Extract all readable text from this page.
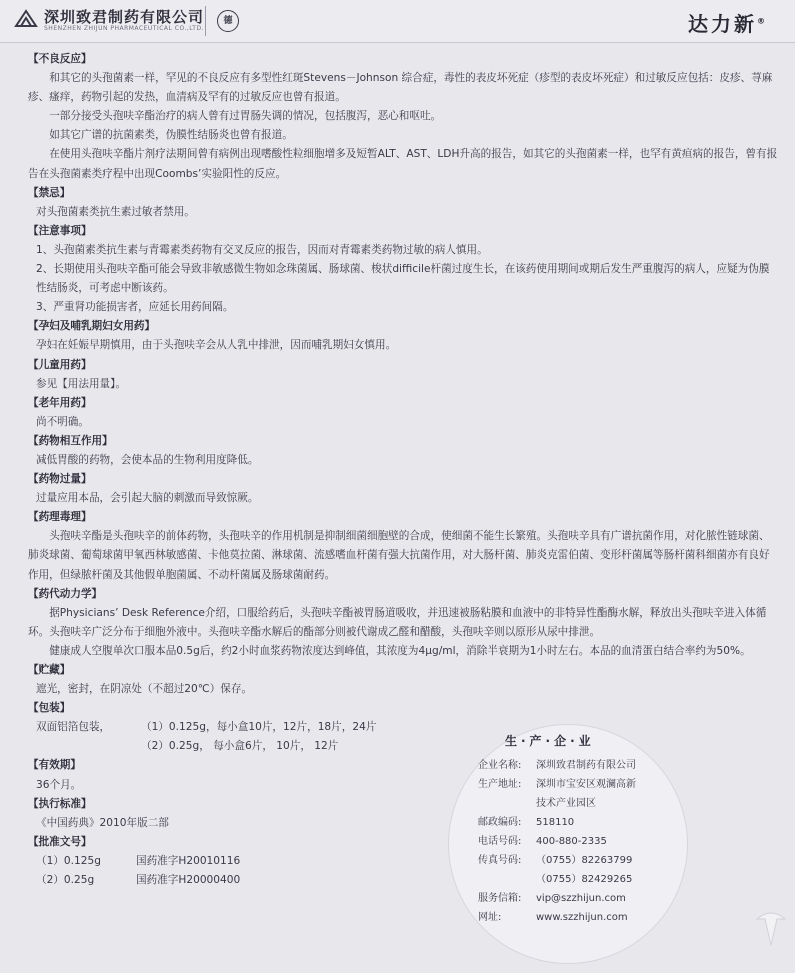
深圳致君制药有限公司
SHENZHEN ZHIJUN PHARMACEUTICAL CO.,LTD.
德	达力新®
【不良反应】
和其它的头孢菌素一样，罕见的不良反应有多型性红斑Stevens－Johnson 综合症，毒性的表皮坏死症（疹型的表皮坏死症）和过敏反应包括：皮疹、荨麻疹、瘙痒，药物引起的发热，血清病及罕有的过敏反应也曾有报道。
一部分接受头孢呋辛酯治疗的病人曾有过胃肠失调的情况，包括腹泻，恶心和呕吐。
如其它广谱的抗菌素类，伪膜性结肠炎也曾有报道。
在使用头孢呋辛酯片剂疗法期间曾有病例出现嗜酸性粒细胞增多及短暂ALT、AST、LDH升高的报告，如其它的头孢菌素一样，也罕有黄疸病的报告，曾有报告在头孢菌素类疗程中出现Coombs’实验阳性的反应。
【禁忌】
对头孢菌素类抗生素过敏者禁用。
【注意事项】
1、头孢菌素类抗生素与青霉素类药物有交叉反应的报告，因而对青霉素类药物过敏的病人慎用。
2、长期使用头孢呋辛酯可能会导致非敏感微生物如念珠菌属、肠球菌、梭状difficile杆菌过度生长，在该药使用期间或期后发生严重腹泻的病人，应疑为伪膜性结肠炎，可考虑中断该药。
3、严重肾功能损害者，应延长用药间隔。
【孕妇及哺乳期妇女用药】
孕妇在妊娠早期慎用，由于头孢呋辛会从人乳中排泄，因而哺乳期妇女慎用。
【儿童用药】
参见【用法用量】。
【老年用药】
尚不明确。
【药物相互作用】
减低胃酸的药物，会使本品的生物利用度降低。
【药物过量】
过量应用本品，会引起大脑的刺激而导致惊厥。
【药理毒理】
头孢呋辛酯是头孢呋辛的前体药物，头孢呋辛的作用机制是抑制细菌细胞壁的合成，使细菌不能生长繁殖。头孢呋辛具有广谱抗菌作用，对化脓性链球菌、肺炎球菌、葡萄球菌甲氧西林敏感菌、卡他莫拉菌、淋球菌、流感嗜血杆菌有强大抗菌作用，对大肠杆菌、肺炎克雷伯菌、变形杆菌属等肠杆菌科细菌亦有良好作用，但绿脓杆菌及其他假单胞菌属、不动杆菌属及肠球菌耐药。
【药代动力学】
据Physicians’ Desk Reference介绍，口服给药后，头孢呋辛酯被胃肠道吸收，并迅速被肠粘膜和血液中的非特异性酯酶水解，释放出头孢呋辛进入体循环。头孢呋辛广泛分布于细胞外液中。头孢呋辛酯水解后的酯部分则被代谢成乙醛和醋酸，头孢呋辛则以原形从尿中排泄。
健康成人空腹单次口服本品0.5g后，约2小时血浆药物浓度达到峰值，其浓度为4μg/ml，消除半衰期为1小时左右。本品的血清蛋白结合率约为50%。
【贮藏】
遮光，密封，在阴凉处（不超过20℃）保存。
【包装】
双面铝箔包装，	（1）0.125g，每小盒10片，12片，18片，24片
（2）0.25g， 每小盒6片， 10片， 12片
【有效期】
36个月。
【执行标准】
《中国药典》2010年版二部
【批准文号】
（1）0.125g	国药准字H20010116
（2）0.25g	国药准字H20000400
生·产·企·业
企业名称:	深圳致君制药有限公司
生产地址:	深圳市宝安区观澜高新
技术产业园区
邮政编码:	518110
电话号码:	400-880-2335
传真号码:	（0755）82263799
（0755）82429265
服务信箱:	vip@szzhijun.com
网址:	www.szzhijun.com
